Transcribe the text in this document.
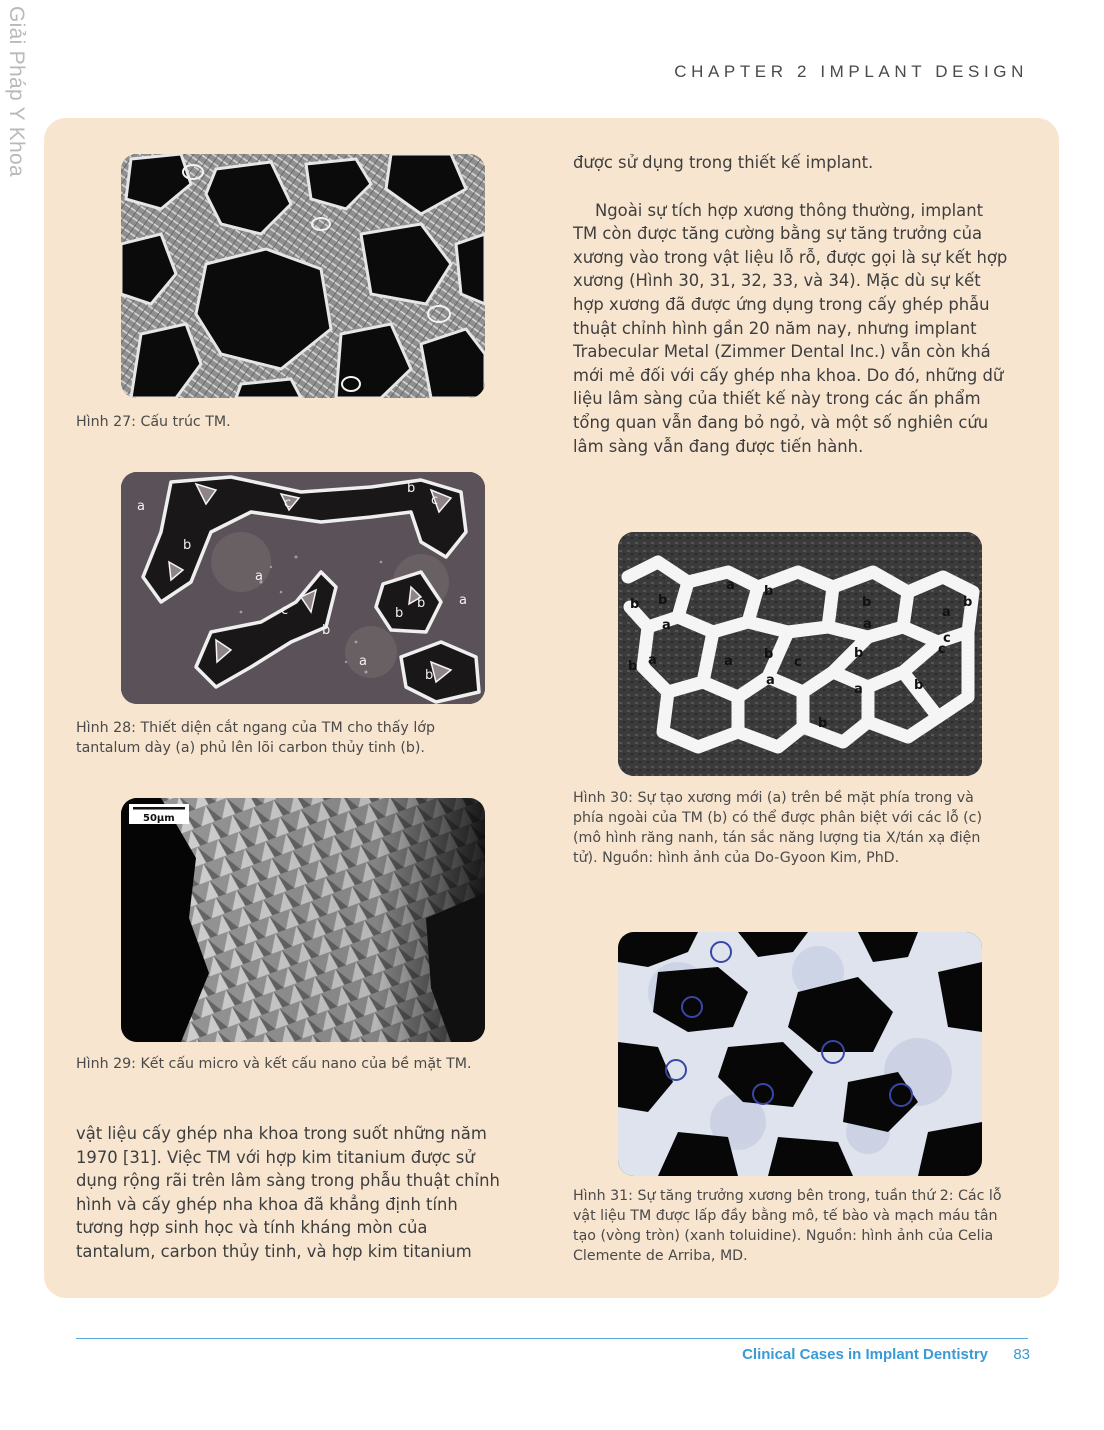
Giải Pháp Y Khoa	CHAPTER 2 IMPLANT DESIGN
Hình 27: Cấu trúc TM.
a
b
c
b
c
a
b
b
a
c	b
a
b
Hình 28: Thiết diện cắt ngang của TM cho thấy lớp tantalum dày (a) phủ lên lõi carbon thủy tinh (b).
50μm
Hình 29: Kết cấu micro và kết cấu nano của bề mặt TM.

vật liệu cấy ghép nha khoa trong suốt những năm
1970 [31]. Việc TM với hợp kim titanium được sử
dụng rộng rãi trên lâm sàng trong phẫu thuật chỉnh
hình và cấy ghép nha khoa đã khẳng định tính
tương hợp sinh học và tính kháng mòn của
tantalum, carbon thủy tinh, và hợp kim titanium

được sử dụng trong thiết kế implant.

Ngoài sự tích hợp xương thông thường, implant
TM còn được tăng cường bằng sự tăng trưởng của
xương vào trong vật liệu lỗ rỗ, được gọi là sự kết hợp
xương (Hình 30, 31, 32, 33, và 34). Mặc dù sự kết
hợp xương đã được ứng dụng trong cấy ghép phẫu
thuật chỉnh hình gần 20 năm nay, nhưng implant
Trabecular Metal (Zimmer Dental Inc.) vẫn còn khá
mới mẻ đối với cấy ghép nha khoa. Do đó, những dữ
liệu lâm sàng của thiết kế này trong các ấn phẩm
tổng quan vẫn đang bỏ ngỏ, và một số nghiên cứu
lâm sàng vẫn đang được tiến hành.

a b
b
b
a	a
b
a
c
b a	b
a	c
b
b
b
a
c
a
b
Hình 30: Sự tạo xương mới (a) trên bề mặt phía trong và
phía ngoài của TM (b) có thể được phân biệt với các lỗ (c)
(mô hình răng nanh, tán sắc năng lượng tia X/tán xạ điện
tử). Nguồn: hình ảnh của Do-Gyoon Kim, PhD.
Hình 31: Sự tăng trưởng xương bên trong, tuần thứ 2: Các lỗ
vật liệu TM được lấp đầy bằng mô, tế bào và mạch máu tân
tạo (vòng tròn) (xanh toluidine). Nguồn: hình ảnh của Celia
Clemente de Arriba, MD.
Clinical Cases in Implant Dentistry	83
